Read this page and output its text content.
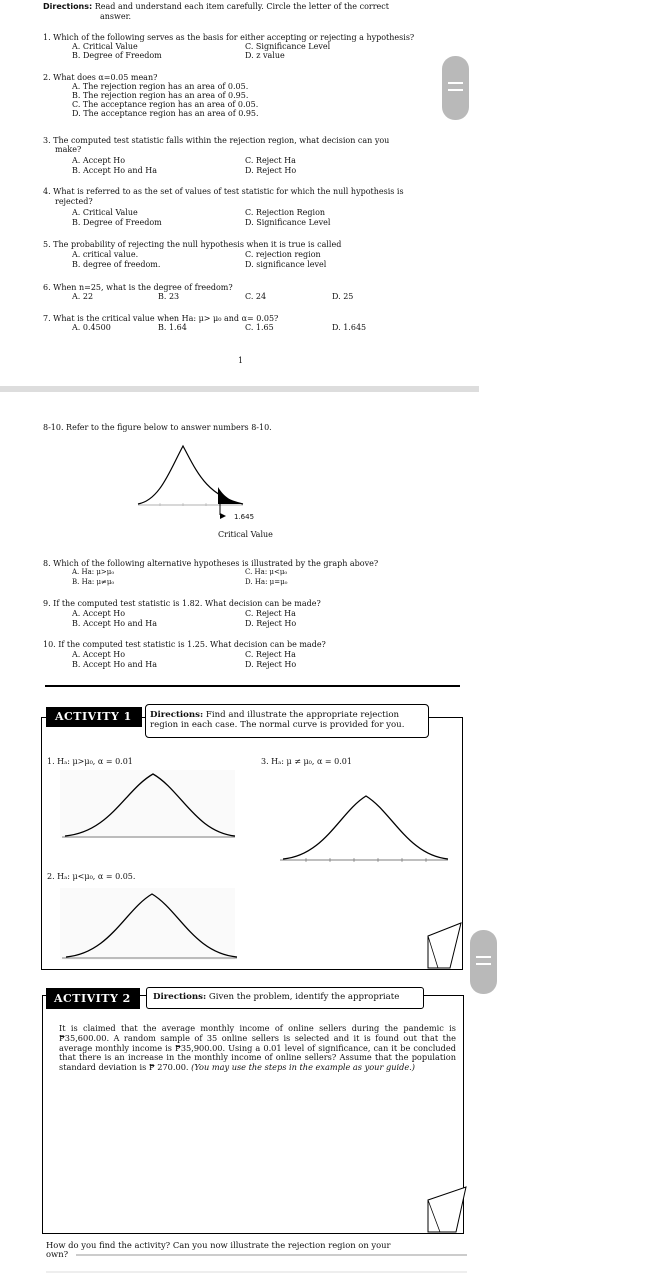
Directions: Read and understand each item carefully. Circle the letter of the correct
answer.
1. Which of the following serves as the basis for either accepting or rejecting a hypothesis?
A. Critical Value	C. Significance Level
B. Degree of Freedom	D. z value
2. What does α=0.05 mean?
A. The rejection region has an area of 0.05.
B. The rejection region has an area of 0.95.
C. The acceptance region has an area of 0.05.
D. The acceptance region has an area of 0.95.
3. The computed test statistic falls within the rejection region, what decision can you
make?
A. Accept Ho	C. Reject Ha
B. Accept Ho and Ha	D. Reject Ho
4. What is referred to as the set of values of test statistic for which the null hypothesis is
rejected?
A. Critical Value	C. Rejection Region
B. Degree of Freedom	D. Significance Level
5. The probability of rejecting the null hypothesis when it is true is called
A. critical value.	C. rejection region
B. degree of freedom.	D. significance level
6. When n=25, what is the degree of freedom?
A. 22	B. 23	C. 24	D. 25
7. What is the critical value when Ha: μ> μ₀ and α= 0.05?
A. 0.4500	B. 1.64	C. 1.65	D. 1.645
1
8-10. Refer to the figure below to answer numbers 8-10.
1.645
Critical Value
8. Which of the following alternative hypotheses is illustrated by the graph above?
A. Ha: μ>μ₀	C. Ha: μ<μ₀
B. Ha: μ≠μ₀	D. Ha: μ=μ₀
9. If the computed test statistic is 1.82. What decision can be made?
A. Accept Ho	C. Reject Ha
B. Accept Ho and Ha	D. Reject Ho
10. If the computed test statistic is 1.25. What decision can be made?
A. Accept Ho	C. Reject Ha
B. Accept Ho and Ha	D. Reject Ho
ACTIVITY 1 Directions: Find and illustrate the appropriate rejection
region in each case. The normal curve is provided for you.
1. Hₐ: μ>μ₀, α = 0.01	3. Hₐ: μ ≠ μ₀, α = 0.01
2. Hₐ: μ<μ₀, α = 0.05.
ACTIVITY 2	Directions: Given the problem, identify the appropriate
It is claimed that the average monthly income of online sellers during the pandemic is ₱35,600.00. A random sample of 35 online sellers is selected and it is found out that the average monthly income is ₱35,900.00. Using a 0.01 level of significance, can it be concluded that there is an increase in the monthly income of online sellers? Assume that the population standard deviation is ₱ 270.00. (You may use the steps in the example as your guide.)
How do you find the activity? Can you now illustrate the rejection region on your
own?
